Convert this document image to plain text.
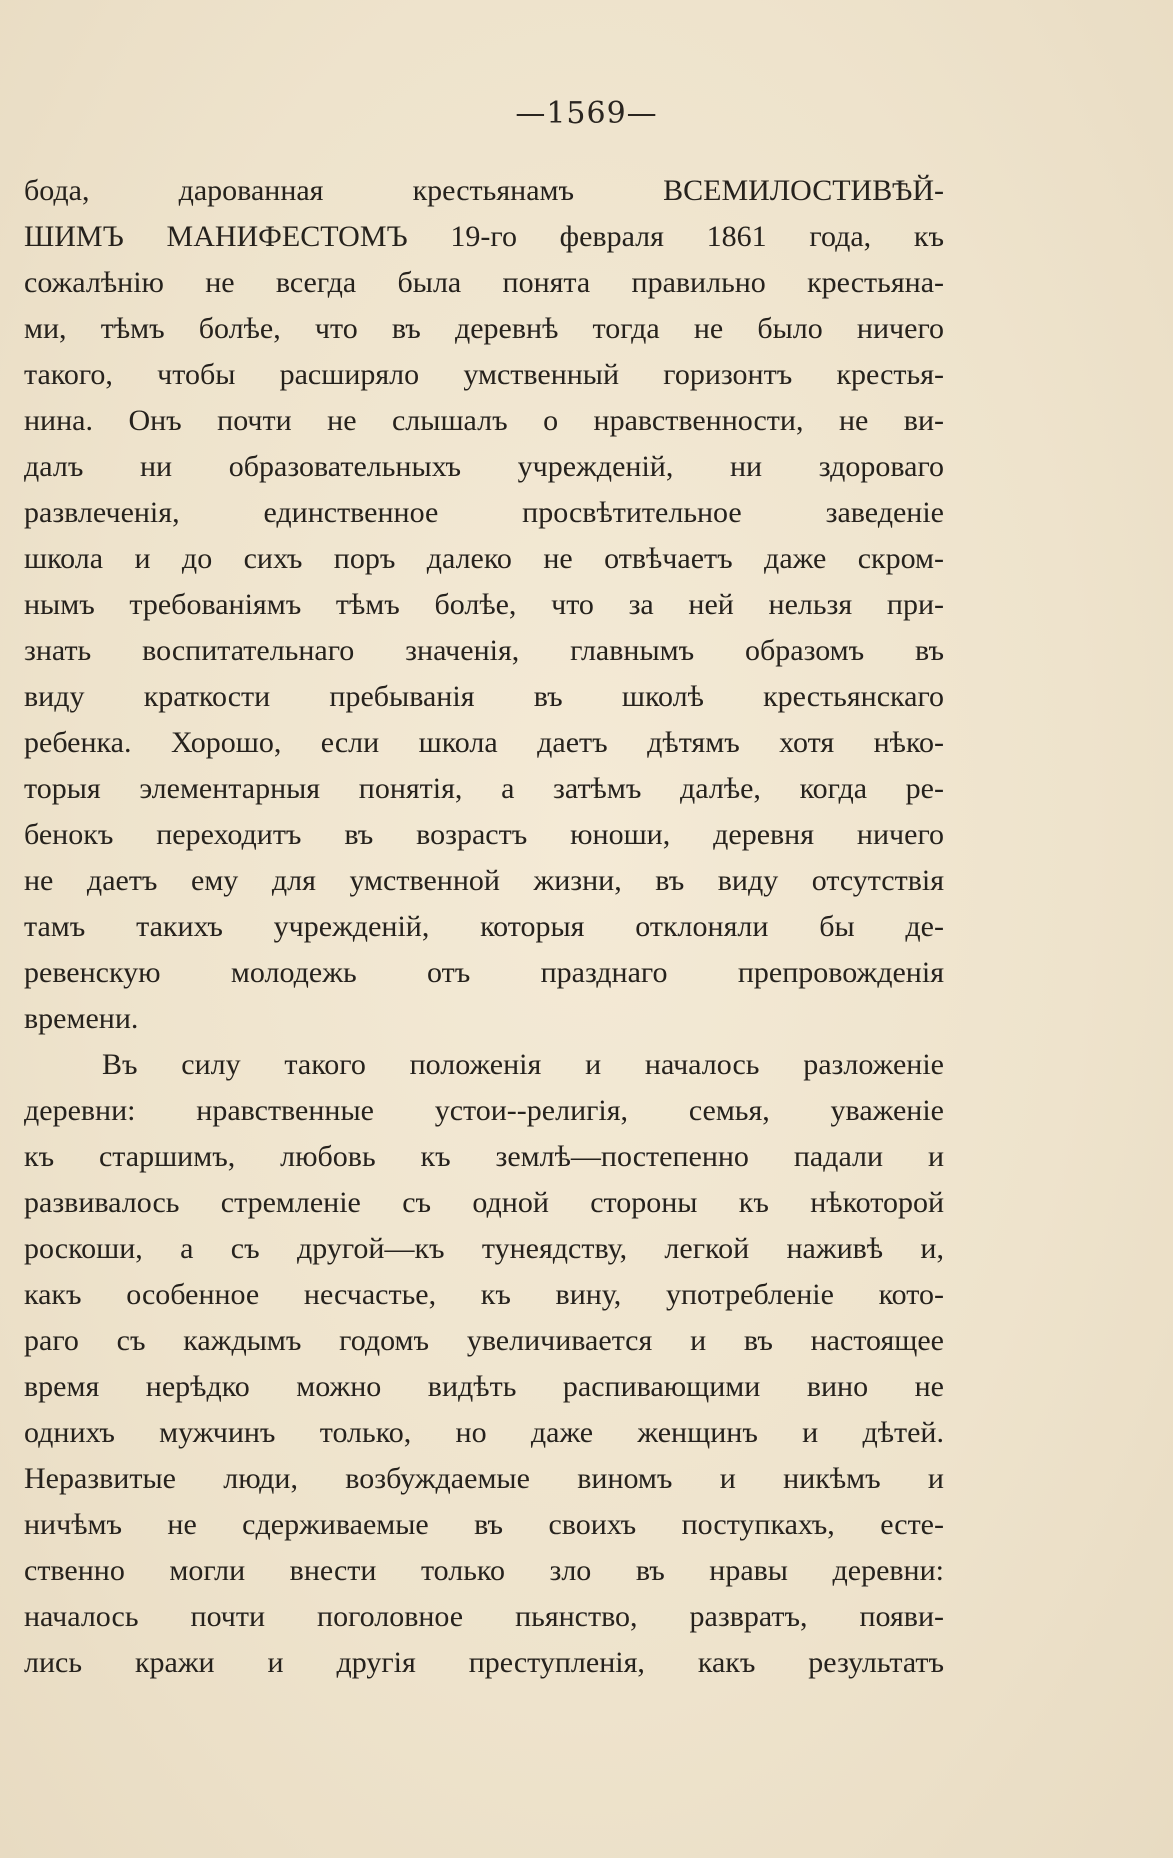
—1569—
бода, дарованная крестьянамъ ВСЕМИЛОСТИВѢЙ-
ШИМЪ МАНИФЕСТОМЪ 19-го февраля 1861 года, къ
сожалѣнію не всегда была понята правильно крестьяна-
ми, тѣмъ болѣе, что въ деревнѣ тогда не было ничего
такого, чтобы расширяло умственный горизонтъ крестья-
нина. Онъ почти не слышалъ о нравственности, не ви-
далъ ни образовательныхъ учрежденій, ни здороваго
развлеченія, единственное просвѣтительное заведеніе
школа и до сихъ поръ далеко не отвѣчаетъ даже скром-
нымъ требованіямъ тѣмъ болѣе, что за ней нельзя при-
знать воспитательнаго значенія, главнымъ образомъ въ
виду краткости пребыванія въ школѣ крестьянскаго
ребенка. Хорошо, если школа даетъ дѣтямъ хотя нѣко-
торыя элементарныя понятія, а затѣмъ далѣе, когда ре-
бенокъ переходитъ въ возрастъ юноши, деревня ничего
не даетъ ему для умственной жизни, въ виду отсутствія
тамъ такихъ учрежденій, которыя отклоняли бы де-
ревенскую молодежь отъ празднаго препровожденія
времени.
Въ силу такого положенія и началось разложеніе
деревни: нравственные устои--религія, семья, уваженіе
къ старшимъ, любовь къ землѣ—постепенно падали и
развивалось стремленіе съ одной стороны къ нѣкоторой
роскоши, а съ другой—къ тунеядству, легкой наживѣ и,
какъ особенное несчастье, къ вину, употребленіе кото-
раго съ каждымъ годомъ увеличивается и въ настоящее
время нерѣдко можно видѣть распивающими вино не
однихъ мужчинъ только, но даже женщинъ и дѣтей.
Неразвитые люди, возбуждаемые виномъ и никѣмъ и
ничѣмъ не сдерживаемые въ своихъ поступкахъ, есте-
ственно могли внести только зло въ нравы деревни:
началось почти поголовное пьянство, развратъ, появи-
лись кражи и другія преступленія, какъ результатъ
